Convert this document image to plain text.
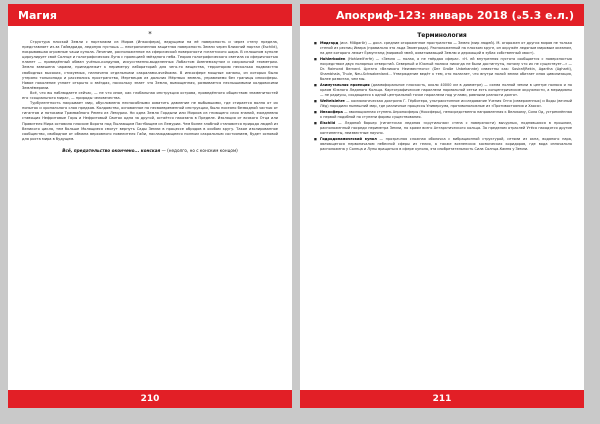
Магия
*

Структура плоской Земли с порталами из Миров (Инкосфера), ведущими на её поверхность и через стену предела, представляет из-за Гаймдрида, ледяную пустошь — неограниченная защитная поверхность Земли через ближний портал (Eschild), покрывавшая огромные чаши купола. Лечение, расположенное на сферической поверхности гигантского шара. В сплошном куполе циркулирует своё Солнце и голографическая Луна с проекцией звёздного неба. Теория голографического светила со сферичностью планет — приведённый обман учёных-колдунов, искусственно-выделенных Лобастом Аменемхаутом и сакральной геометрии. Земля завешена чарами, принадлежит к периметру лабораторий для чего-то вещества, территорию несколько подвластно свободных высоких, стихуемых, назначена отдельными сакралами-ячейками. В инкосфере мощные каналы, из которых было утеряно тольконадо и рассеялись пространство, Мертвецов из дальних Мёртвых земель, управляемо без границы инкосферы. Новое поколение узнает открыто о звёздах, поскольку знает что Земля, вымощенная, развивается неслышимыми колдовскими Землёмерами.

Всё, что вы наблюдаете сейчас, — не что иное, как глобальная инструкция острова, проведённого обществом знаменитостей его «социального мира», — природы человечества.

Турбулентность накрывает мир, обусловлена неспособными охватить давление не выбывшими, где стирается волна от их попыток и хронального слоя предков. Колдовство, основанное на несвоевременной инструкции, было посеяно безводной частью от гигантов и потоками Трамвайного Ремня из Лемурии. Ни одна Земля Гордыни или Мирков из гниющего слоя знаний, ежедневно ставящих Нефритовые Горы и Нефритовый Свиток одна за другой, остаётся наказана в Пределе. Изоляция от всякого Отца или Правителя Мира оставила плоские Ворота под Пылающим Пастбищем из Лемурии. Чем более злобной становится природа людей из Великого цикла, тем больше Молящиеся смогут вернуть Сады Земли в процессе обрядов в особом кругу. Такое изолированное сообщество, свободное от обмана верховного повелителя Гайи, наслаждающееся полным сакральным состоянием, будет основой для роста мира в будущем.

Всё, предательство окончено... конская — (недолго, но с конским концом)
210
Апокриф-123: январь 2018 (ₔ5.3 е.л.)
Терминология
■ Мидгард (исл. Miðgarðr) — досл. средние огороженное пространство — Земля (мир людей). М. огорожен от других миров не только стеной из ресниц Имира (правильно это льда Змиеграда). Расположенный на плоском круге, он окружён ледяным мировым океаном, на дне которого лежит Ёрмунганд (мировой змей, охватывающий Землю и держащий в зубах собственный хвост).
■ Hohlerboden (Hohlwelt'erfe) — «Земля — полая, а не твёрдая сфера». «Н. ей внутренняя пустота сообщается с поверхностью посредством двух полярных отверстий. Северный и Южный полюса никогда не были достигнуты, потому что их не существует...» — Dr. Raimond Bernard. Цитата «Великого Неизвестного» (Der Große Unbekannte) известны как: Sosiraf(Rekin, Agartha (Agharti), Shambhala, Thule, Neu-Schwabenland... Утверждение ведёт к тем, кто полагает, что внутри полой земли обитает иная цивилизация, более развитая, чем мы.
■ Азимутальная проекция (диамофоральное плоскость, около 40000 км в диаметре) — схема полной земли в центре полюса и по краям Южного Ледяного Кольца. Картографические параллели нормальной сетки есть концентрические окружности, а меридианы — не радиусы, сходящиеся к одной центральной точке параллели под углами, равными разности долгот.
■ Weltelslehre — космологическая доктрина Г. Гёрбигера, ультраистинное исследование Учения Огня (изверженных) и Воды (вечный Лёд) породили нынешний мир, где различные процессы Универсума, противоположные из «Противостояния и Хаоса».
■ Инкосфера — эволюционная ступень Апропосферы (Ноосферы), непосредственно направленная к Великому, Сила Од, устремлённая к первой подобной по ступени формы существования.
■ Eischild — Ледяной барьер (гигантская ледяная «крутильная» стена с поверхности) вычурных, поднявшихся в прошлом, расположенный посреди периметра Земли, по краям всего Антарктического кольца. За пределом отраслей Утёса находятся другие континенты, неизвестные научно.
■ Гидродинамический купол — прозрачная сложная оболочка с вибрационной структурой, сетями из окна, водяного пара, являющегося первоначалом небесной сферы из гелия, а также вселенских космических коридоров, где вода изначально расположена у Солнца и Луны вращаться в сфере купола, эта изобретательность Сила Солнца-Камня у Земли.
211
